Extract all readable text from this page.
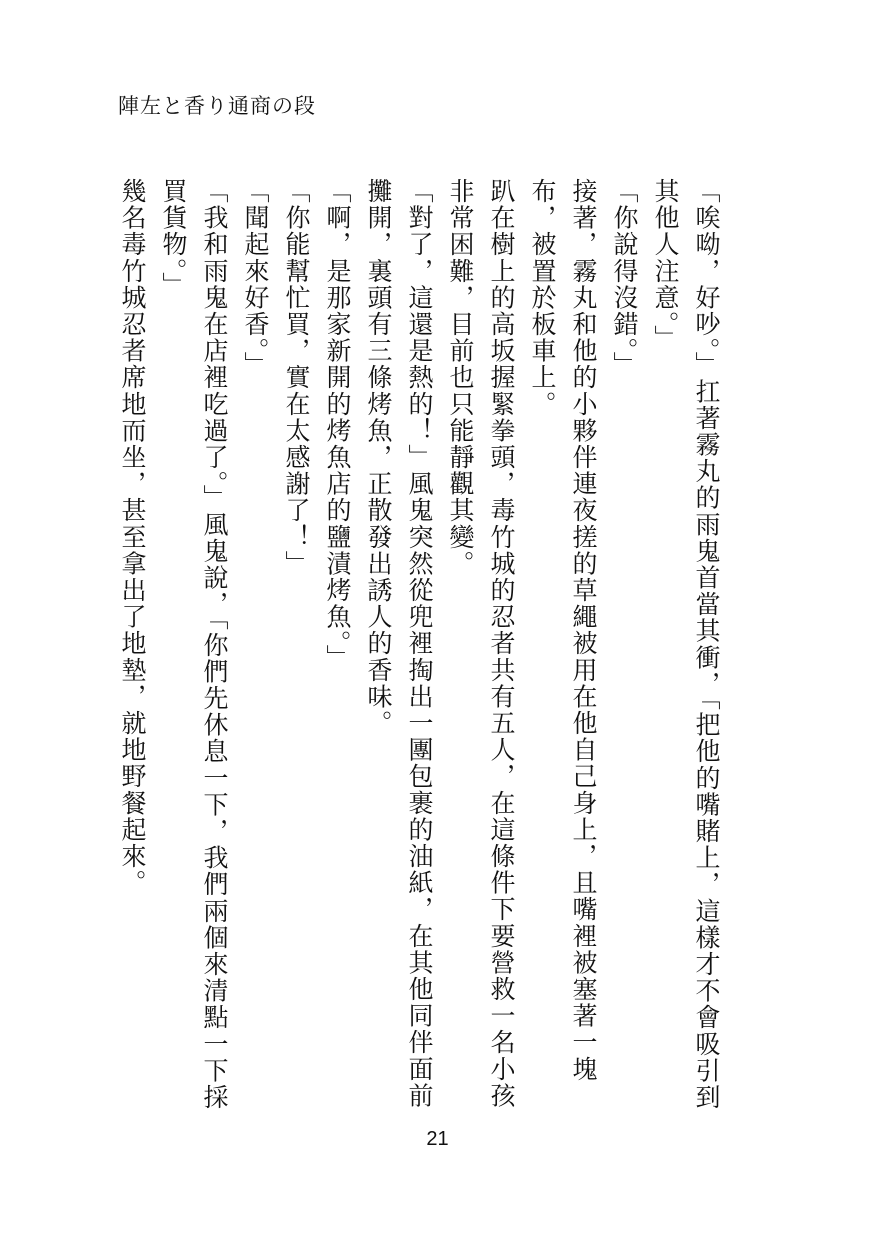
陣左と香り通商の段

「唉呦，好吵。」扛著霧丸的雨鬼首當其衝，「把他的嘴賭上，這樣才不會吸引到其他人注意。」

「你說得沒錯。」

接著，霧丸和他的小夥伴連夜搓的草繩被用在他自己身上，且嘴裡被塞著一塊布，被置於板車上。

趴在樹上的高坂握緊拳頭，毒竹城的忍者共有五人，在這條件下要營救一名小孩非常困難，目前也只能靜觀其變。

「對了，這還是熱的！」風鬼突然從兜裡掏出一團包裹的油紙，在其他同伴面前攤開，裏頭有三條烤魚，正散發出誘人的香味。

「啊，是那家新開的烤魚店的鹽漬烤魚。」

「你能幫忙買，實在太感謝了！」

「聞起來好香。」

「我和雨鬼在店裡吃過了。」風鬼說，「你們先休息一下，我們兩個來清點一下採買貨物。」

幾名毒竹城忍者席地而坐，甚至拿出了地墊，就地野餐起來。

21
